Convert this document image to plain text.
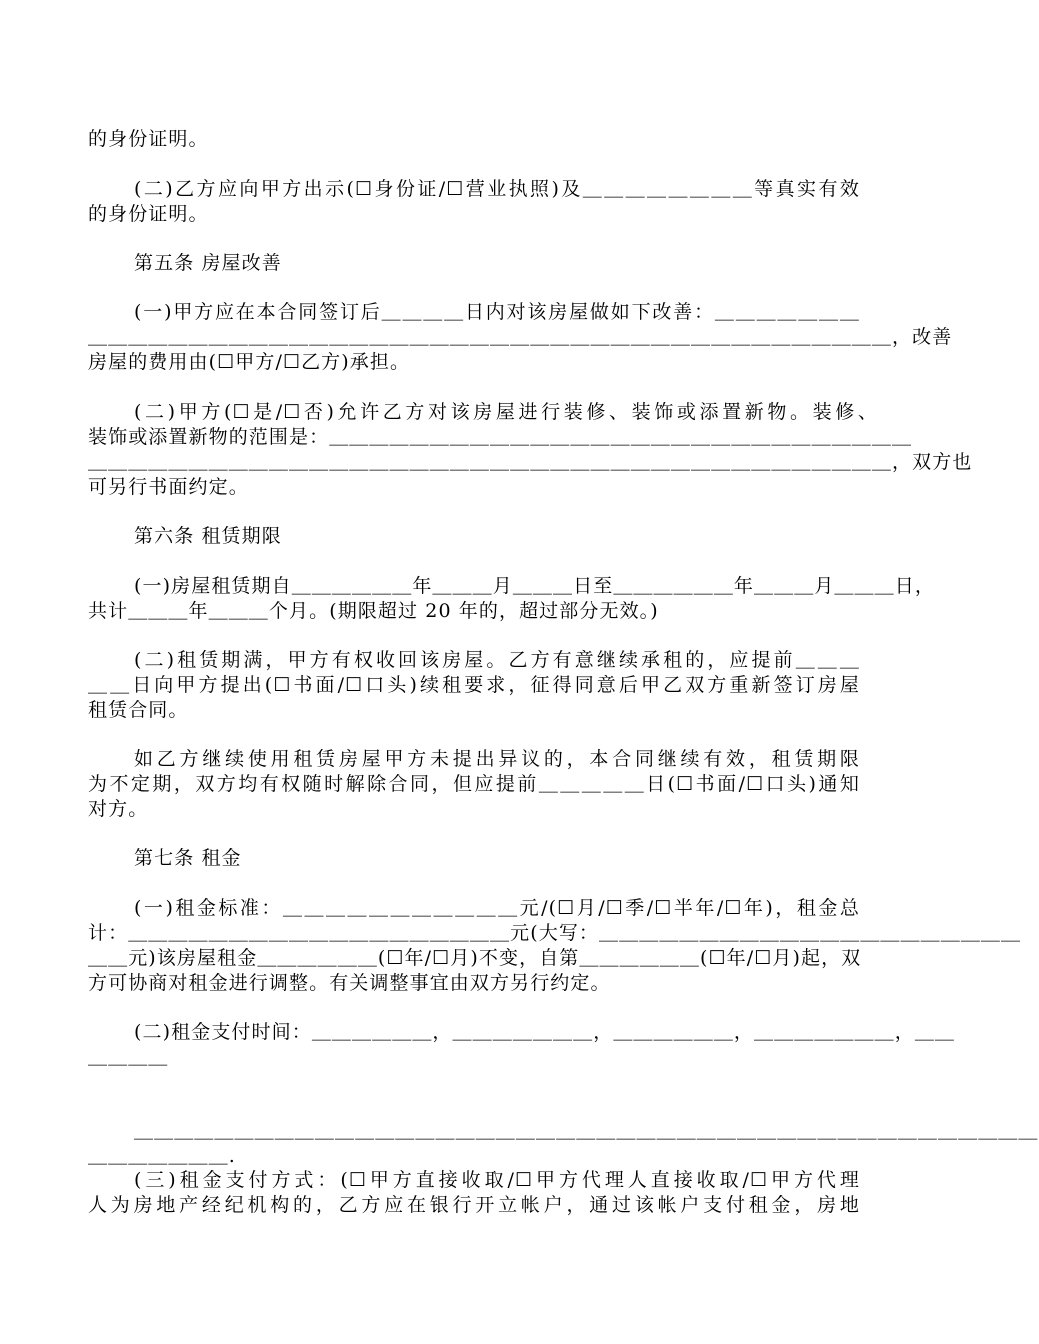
的身份证明。
(二)乙方应向甲方出示(☐身份证/☐营业执照)及＿＿＿＿＿＿＿＿等真实有效
的身份证明。
第五条 房屋改善
(一)甲方应在本合同签订后＿＿＿＿日内对该房屋做如下改善：＿＿＿＿＿＿＿
＿＿＿＿＿＿＿＿＿＿＿＿＿＿＿＿＿＿＿＿＿＿＿＿＿＿＿＿＿＿＿＿＿＿＿＿＿＿＿＿，改善
房屋的费用由(☐甲方/☐乙方)承担。
(二)甲方(☐是/☐否)允许乙方对该房屋进行装修、装饰或添置新物。装修、
装饰或添置新物的范围是：＿＿＿＿＿＿＿＿＿＿＿＿＿＿＿＿＿＿＿＿＿＿＿＿＿＿＿＿＿
＿＿＿＿＿＿＿＿＿＿＿＿＿＿＿＿＿＿＿＿＿＿＿＿＿＿＿＿＿＿＿＿＿＿＿＿＿＿＿＿，双方也
可另行书面约定。
第六条 租赁期限
(一)房屋租赁期自＿＿＿＿＿＿年＿＿＿月＿＿＿日至＿＿＿＿＿＿年＿＿＿月＿＿＿日，
共计＿＿＿年＿＿＿个月。(期限超过 20 年的，超过部分无效。)
(二)租赁期满，甲方有权收回该房屋。乙方有意继续承租的，应提前＿＿＿
＿＿日向甲方提出(☐书面/☐口头)续租要求，征得同意后甲乙双方重新签订房屋
租赁合同。
如乙方继续使用租赁房屋甲方未提出异议的，本合同继续有效，租赁期限
为不定期，双方均有权随时解除合同，但应提前＿＿＿＿＿日(☐书面/☐口头)通知
对方。
第七条 租金
(一)租金标准：＿＿＿＿＿＿＿＿＿＿＿元/(☐月/☐季/☐半年/☐年)，租金总
计：＿＿＿＿＿＿＿＿＿＿＿＿＿＿＿＿＿＿＿元(大写：＿＿＿＿＿＿＿＿＿＿＿＿＿＿＿＿＿＿＿＿＿
＿＿元)该房屋租金＿＿＿＿＿＿(☐年/☐月)不变，自第＿＿＿＿＿＿(☐年/☐月)起，双
方可协商对租金进行调整。有关调整事宜由双方另行约定。
(二)租金支付时间：＿＿＿＿＿＿，＿＿＿＿＿＿＿，＿＿＿＿＿＿，＿＿＿＿＿＿＿，＿＿
＿＿＿＿
＿＿＿＿＿＿＿＿＿＿＿＿＿＿＿＿＿＿＿＿＿＿＿＿＿＿＿＿＿＿＿＿＿＿＿＿＿＿＿＿＿＿＿＿＿
＿＿＿＿＿＿＿.
(三)租金支付方式：(☐甲方直接收取/☐甲方代理人直接收取/☐甲方代理
人为房地产经纪机构的，乙方应在银行开立帐户，通过该帐户支付租金，房地
